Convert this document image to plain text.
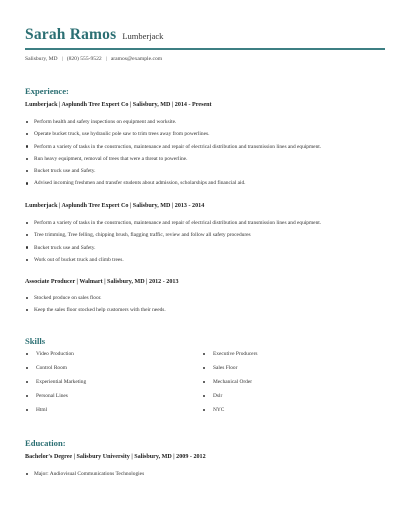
Sarah Ramos Lumberjack
Salisbury, MD | (820) 555-9522 | aramos@example.com
Experience:
Lumberjack | Asplundh Tree Expert Co | Salisbury, MD | 2014 - Present
Perform health and safety inspections on equipment and worksite.
Operate bucket truck, use hydraulic pole saw to trim trees away from powerlines.
Perform a variety of tasks in the construction, maintenance and repair of electrical distribution and transmission lines and equipment.
Run heavy equipment, removal of trees that were a threat to powerline.
Bucket truck use and Safety.
Advised incoming freshmen and transfer students about admission, scholarships and financial aid.
Lumberjack | Asplundh Tree Expert Co | Salisbury, MD | 2013 - 2014
Perform a variety of tasks in the construction, maintenance and repair of electrical distribution and transmission lines and equipment.
Tree trimming, Tree felling, chipping brush, flagging traffic, review and follow all safety procedures
Bucket truck use and Safety.
Work out of bucket truck and climb trees.
Associate Producer | Walmart | Salisbury, MD | 2012 - 2013
Stocked produce on sales floor.
Keep the sales floor stocked help customers with their needs.
Skills
Video Production
Control Room
Experiential Marketing
Personal Lines
Html
Executive Producers
Sales Floor
Mechanical Order
Dslr
NYC
Education:
Bachelor's Degree | Salisbury University | Salisbury, MD | 2009 - 2012
Major: Audiovisual Communications Technologies
